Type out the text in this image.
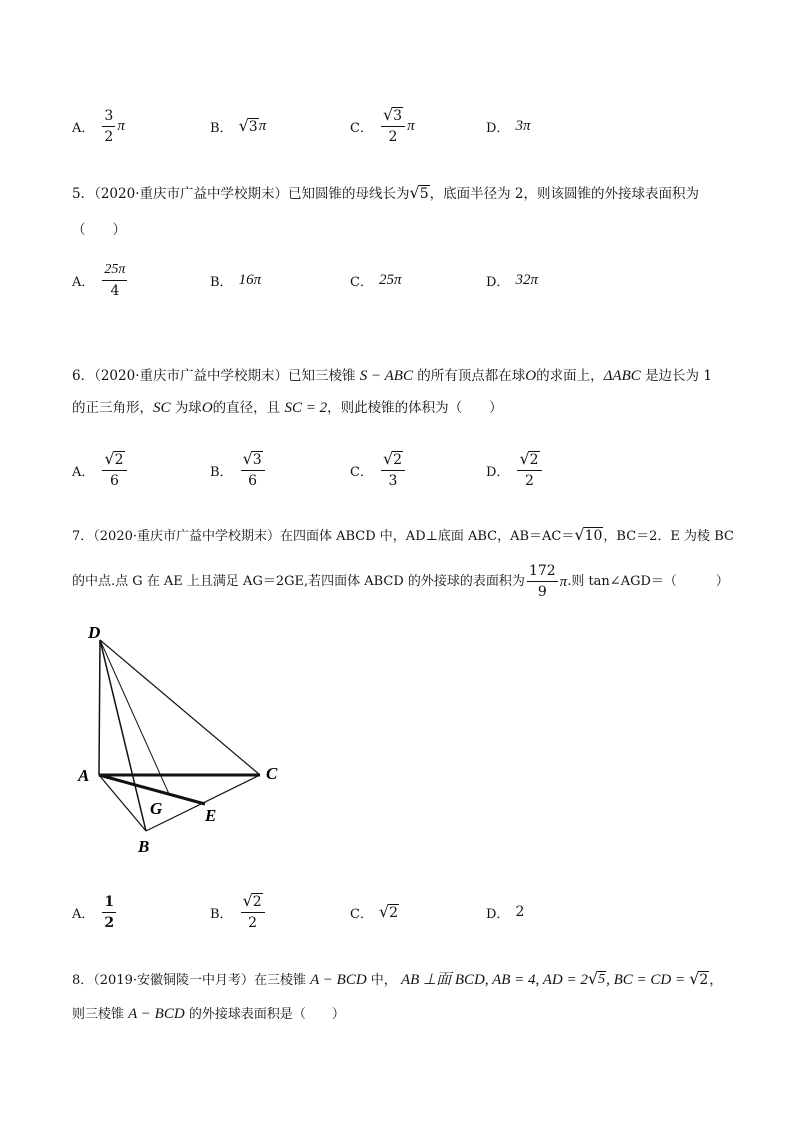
A． $\frac{3}{2}$ π	B． √ 3 π	C． $\frac{√ 3}{2}$ π	D． 3π
5．（2020·重庆市广益中学校期末）已知圆锥的母线长为 √ 5 ，底面半径为 2，则该圆锥的外接球表面积为
（　　）
A． $\frac{25\pi}{4}$	B． 16π	C． 25π	D． 32π
6．（2020·重庆市广益中学校期末）已知三棱锥 S − ABC 的所有顶点都在球O的求面上，ΔABC 是边长为 1
的正三角形，SC 为球O的直径，且 SC = 2，则此棱锥的体积为（　　）
A． $\frac{√ 2}{6}$	B． $\frac{√ 3}{6}$	C． $\frac{√ 2}{3}$	D． $\frac{√ 2}{2}$
7．（2020·重庆市广益中学校期末）在四面体 ABCD 中，AD⊥底面 ABC，AB＝AC＝ √ 10 ，BC＝2．E 为棱 BC
的中点.点 G 在 AE 上且满足 AG＝2GE,若四面体 ABCD 的外接球的表面积为 $\frac{172}{9}$ π .则 tan∠AGD＝（　　　）
D
A	C
G	E
B
A． $\frac{1}{2}$	B． $\frac{√ 2}{2}$	C． √ 2	D． 2
8．（2019·安徽铜陵一中月考）在三棱锥 A − BCD 中， AB ⊥面 BCD, AB = 4, AD = 2 √ 5 , BC = CD = √ 2 ，
则三棱锥 A − BCD 的外接球表面积是（　　）
